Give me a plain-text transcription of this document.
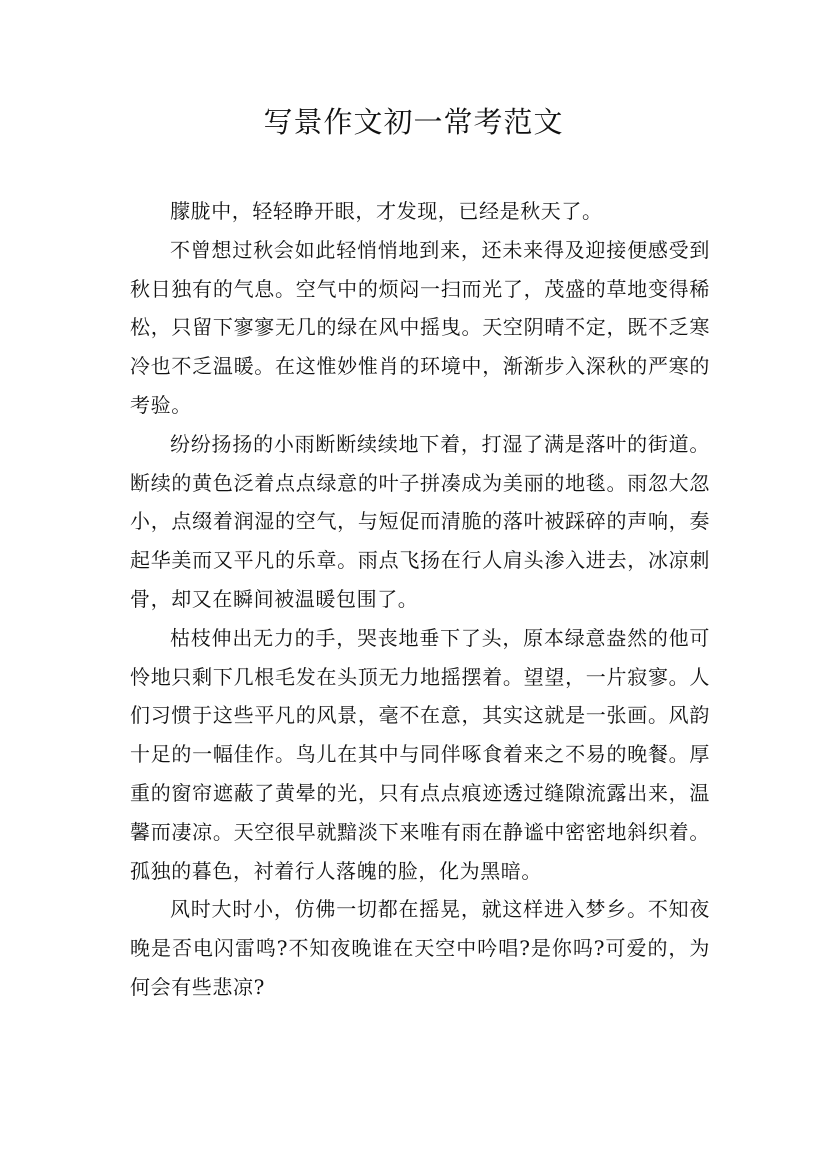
写景作文初一常考范文

朦胧中，轻轻睁开眼，才发现，已经是秋天了。

不曾想过秋会如此轻悄悄地到来，还未来得及迎接便感受到秋日独有的气息。空气中的烦闷一扫而光了，茂盛的草地变得稀松，只留下寥寥无几的绿在风中摇曳。天空阴晴不定，既不乏寒冷也不乏温暖。在这惟妙惟肖的环境中，渐渐步入深秋的严寒的考验。

纷纷扬扬的小雨断断续续地下着，打湿了满是落叶的街道。断续的黄色泛着点点绿意的叶子拼凑成为美丽的地毯。雨忽大忽小，点缀着润湿的空气，与短促而清脆的落叶被踩碎的声响，奏起华美而又平凡的乐章。雨点飞扬在行人肩头渗入进去，冰凉刺骨，却又在瞬间被温暖包围了。

枯枝伸出无力的手，哭丧地垂下了头，原本绿意盎然的他可怜地只剩下几根毛发在头顶无力地摇摆着。望望，一片寂寥。人们习惯于这些平凡的风景，毫不在意，其实这就是一张画。风韵十足的一幅佳作。鸟儿在其中与同伴啄食着来之不易的晚餐。厚重的窗帘遮蔽了黄晕的光，只有点点痕迹透过缝隙流露出来，温馨而凄凉。天空很早就黯淡下来唯有雨在静谧中密密地斜织着。孤独的暮色，衬着行人落魄的脸，化为黑暗。

风时大时小，仿佛一切都在摇晃，就这样进入梦乡。不知夜晚是否电闪雷鸣?不知夜晚谁在天空中吟唱?是你吗?可爱的，为何会有些悲凉?
